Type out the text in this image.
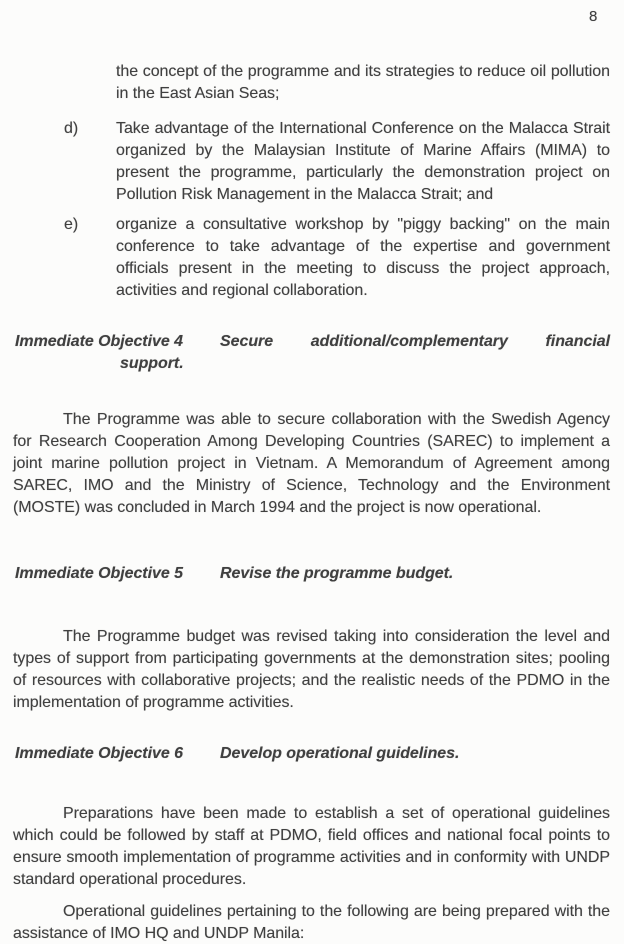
8
the concept of the programme and its strategies to reduce oil pollution in the East Asian Seas;
d) Take advantage of the International Conference on the Malacca Strait organized by the Malaysian Institute of Marine Affairs (MIMA) to present the programme, particularly the demonstration project on Pollution Risk Management in the Malacca Strait; and
e) organize a consultative workshop by "piggy backing" on the main conference to take advantage of the expertise and government officials present in the meeting to discuss the project approach, activities and regional collaboration.
Immediate Objective 4	Secure additional/complementary financial
support.

The Programme was able to secure collaboration with the Swedish Agency for Research Cooperation Among Developing Countries (SAREC) to implement a joint marine pollution project in Vietnam. A Memorandum of Agreement among SAREC, IMO and the Ministry of Science, Technology and the Environment (MOSTE) was concluded in March 1994 and the project is now operational.

Immediate Objective 5	Revise the programme budget.

The Programme budget was revised taking into consideration the level and types of support from participating governments at the demonstration sites; pooling of resources with collaborative projects; and the realistic needs of the PDMO in the implementation of programme activities.

Immediate Objective 6	Develop operational guidelines.

Preparations have been made to establish a set of operational guidelines which could be followed by staff at PDMO, field offices and national focal points to ensure smooth implementation of programme activities and in conformity with UNDP standard operational procedures.

Operational guidelines pertaining to the following are being prepared with the assistance of IMO HQ and UNDP Manila:
